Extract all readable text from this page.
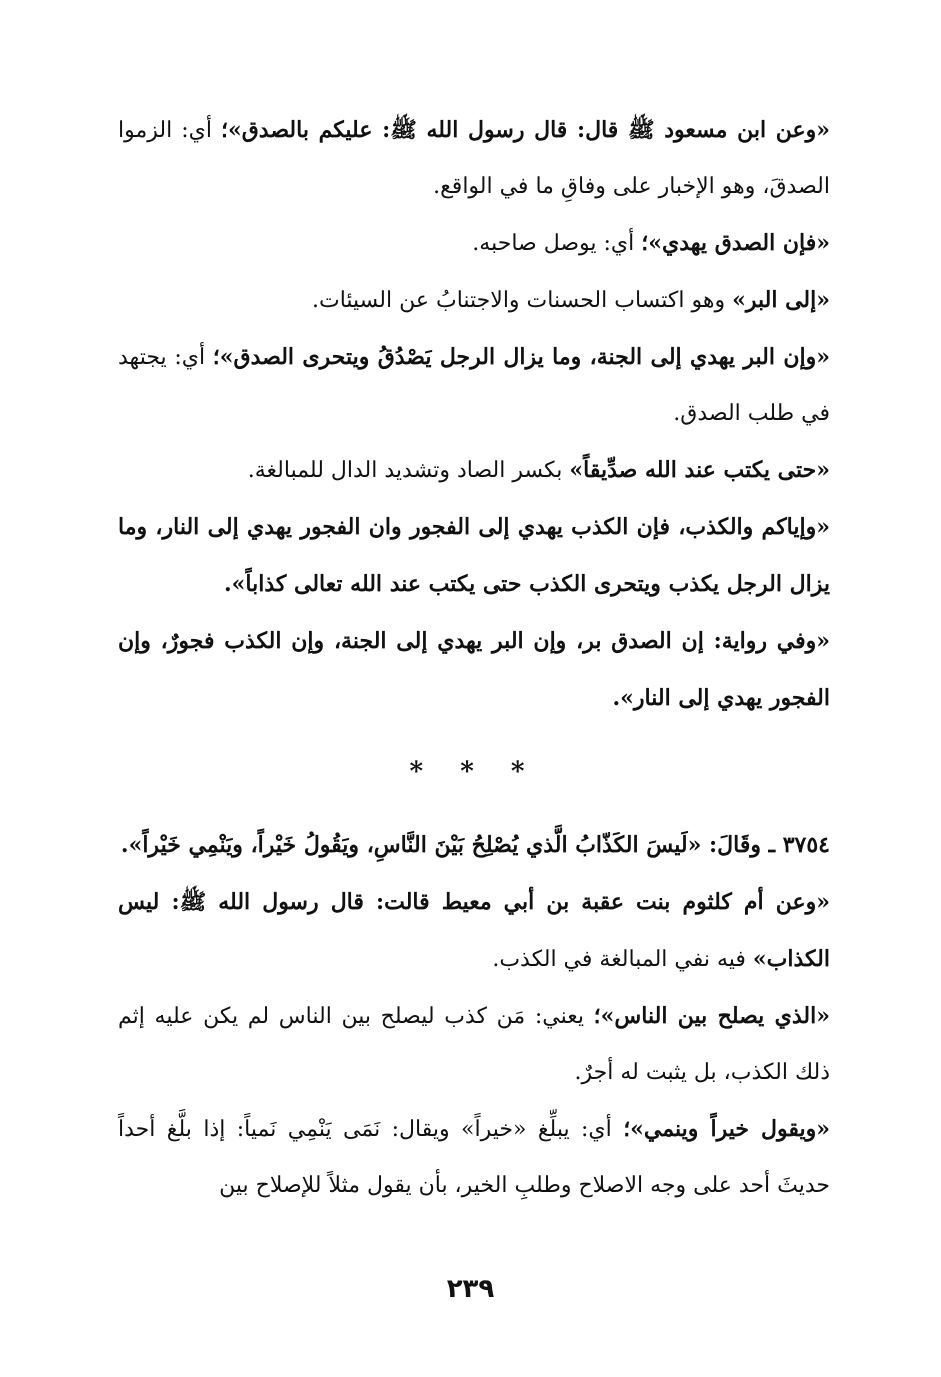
«وعن ابن مسعود ﷺ قال: قال رسول الله ﷺ: عليكم بالصدق»؛ أي: الزموا الصدقَ، وهو الإخبار على وفاقِ ما في الواقع.

«فإن الصدق يهدي»؛ أي: يوصل صاحبه.

«إلى البر» وهو اكتساب الحسنات والاجتنابُ عن السيئات.

«وإن البر يهدي إلى الجنة، وما يزال الرجل يَصْدُقُ ويتحرى الصدق»؛ أي: يجتهد في طلب الصدق.

«حتى يكتب عند الله صدِّيقاً» بكسر الصاد وتشديد الدال للمبالغة.

«وإياكم والكذب، فإن الكذب يهدي إلى الفجور وان الفجور يهدي إلى النار، وما يزال الرجل يكذب ويتحرى الكذب حتى يكتب عند الله تعالى كذاباً».

«وفي رواية: إن الصدق بر، وإن البر يهدي إلى الجنة، وإن الكذب فجورٌ، وإن الفجور يهدي إلى النار».

* * *

٣٧٥٤ ـ وقَالَ: «لَيسَ الكَذّابُ الَّذي يُصْلِحُ بَيْنَ النَّاسِ، ويَقُولُ خَيْراً، ويَنْمِي خَيْراً».

«وعن أم كلثوم بنت عقبة بن أبي معيط قالت: قال رسول الله ﷺ: ليس الكذاب» فيه نفي المبالغة في الكذب.

«الذي يصلح بين الناس»؛ يعني: مَن كذب ليصلح بين الناس لم يكن عليه إثم ذلك الكذب، بل يثبت له أجرٌ.

«ويقول خيراً وينمي»؛ أي: يبلِّغ «خيراً» ويقال: نَمَى يَنْمِي نَمياً: إذا بلَّغ أحداً حديثَ أحد على وجه الاصلاح وطلبِ الخير، بأن يقول مثلاً للإصلاح بين

٢٣٩
